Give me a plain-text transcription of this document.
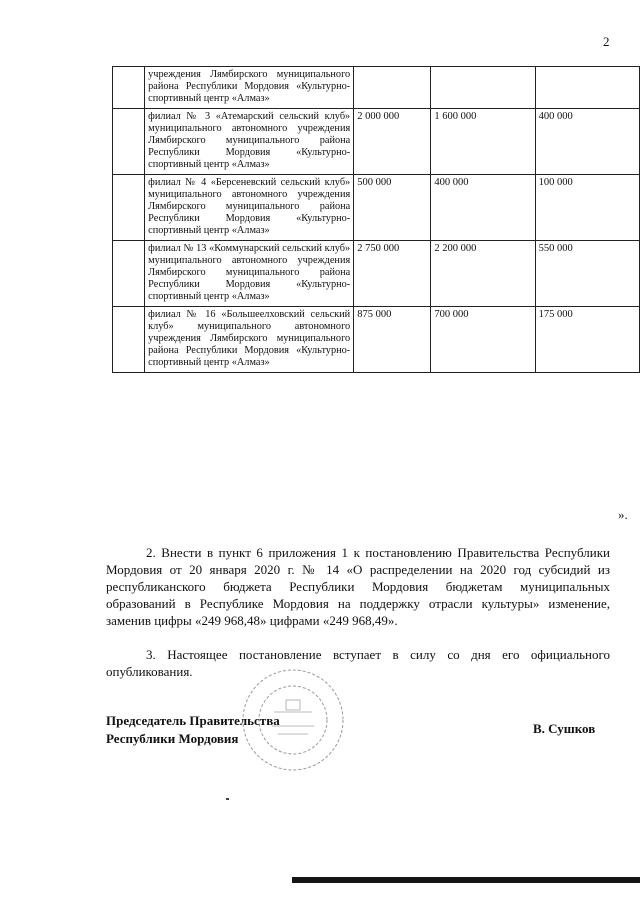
2
	учреждения Лямбирского муниципального района Республики Мордовия «Культурно-спортивный центр «Алмаз»			
	филиал № 3 «Атемарский сельский клуб» муниципального автономного учреждения Лямбирского муниципального района Республики Мордовия «Культурно-спортивный центр «Алмаз»	2 000 000	1 600 000	400 000
	филиал № 4 «Берсеневский сельский клуб» муниципального автономного учреждения Лямбирского муниципального района Республики Мордовия «Культурно-спортивный центр «Алмаз»	500 000	400 000	100 000
	филиал № 13 «Коммунарский сельский клуб» муниципального автономного учреждения Лямбирского муниципального района Республики Мордовия «Культурно-спортивный центр «Алмаз»	2 750 000	2 200 000	550 000
	филиал № 16 «Большеелховский сельский клуб» муниципального автономного учреждения Лямбирского муниципального района Республики Мордовия «Культурно-спортивный центр «Алмаз»	875 000	700 000	175 000
».

2. Внести в пункт 6 приложения 1 к постановлению Правительства Республики Мордовия от 20 января 2020 г. № 14 «О распределении на 2020 год субсидий из республиканского бюджета Республики Мордовия бюджетам муниципальных образований в Республике Мордовия на поддержку отрасли культуры» изменение, заменив цифры «249 968,48» цифрами «249 968,49».

3. Настоящее постановление вступает в силу со дня его официального опубликования.

Председатель Правительства
Республики Мордовия
В. Сушков
